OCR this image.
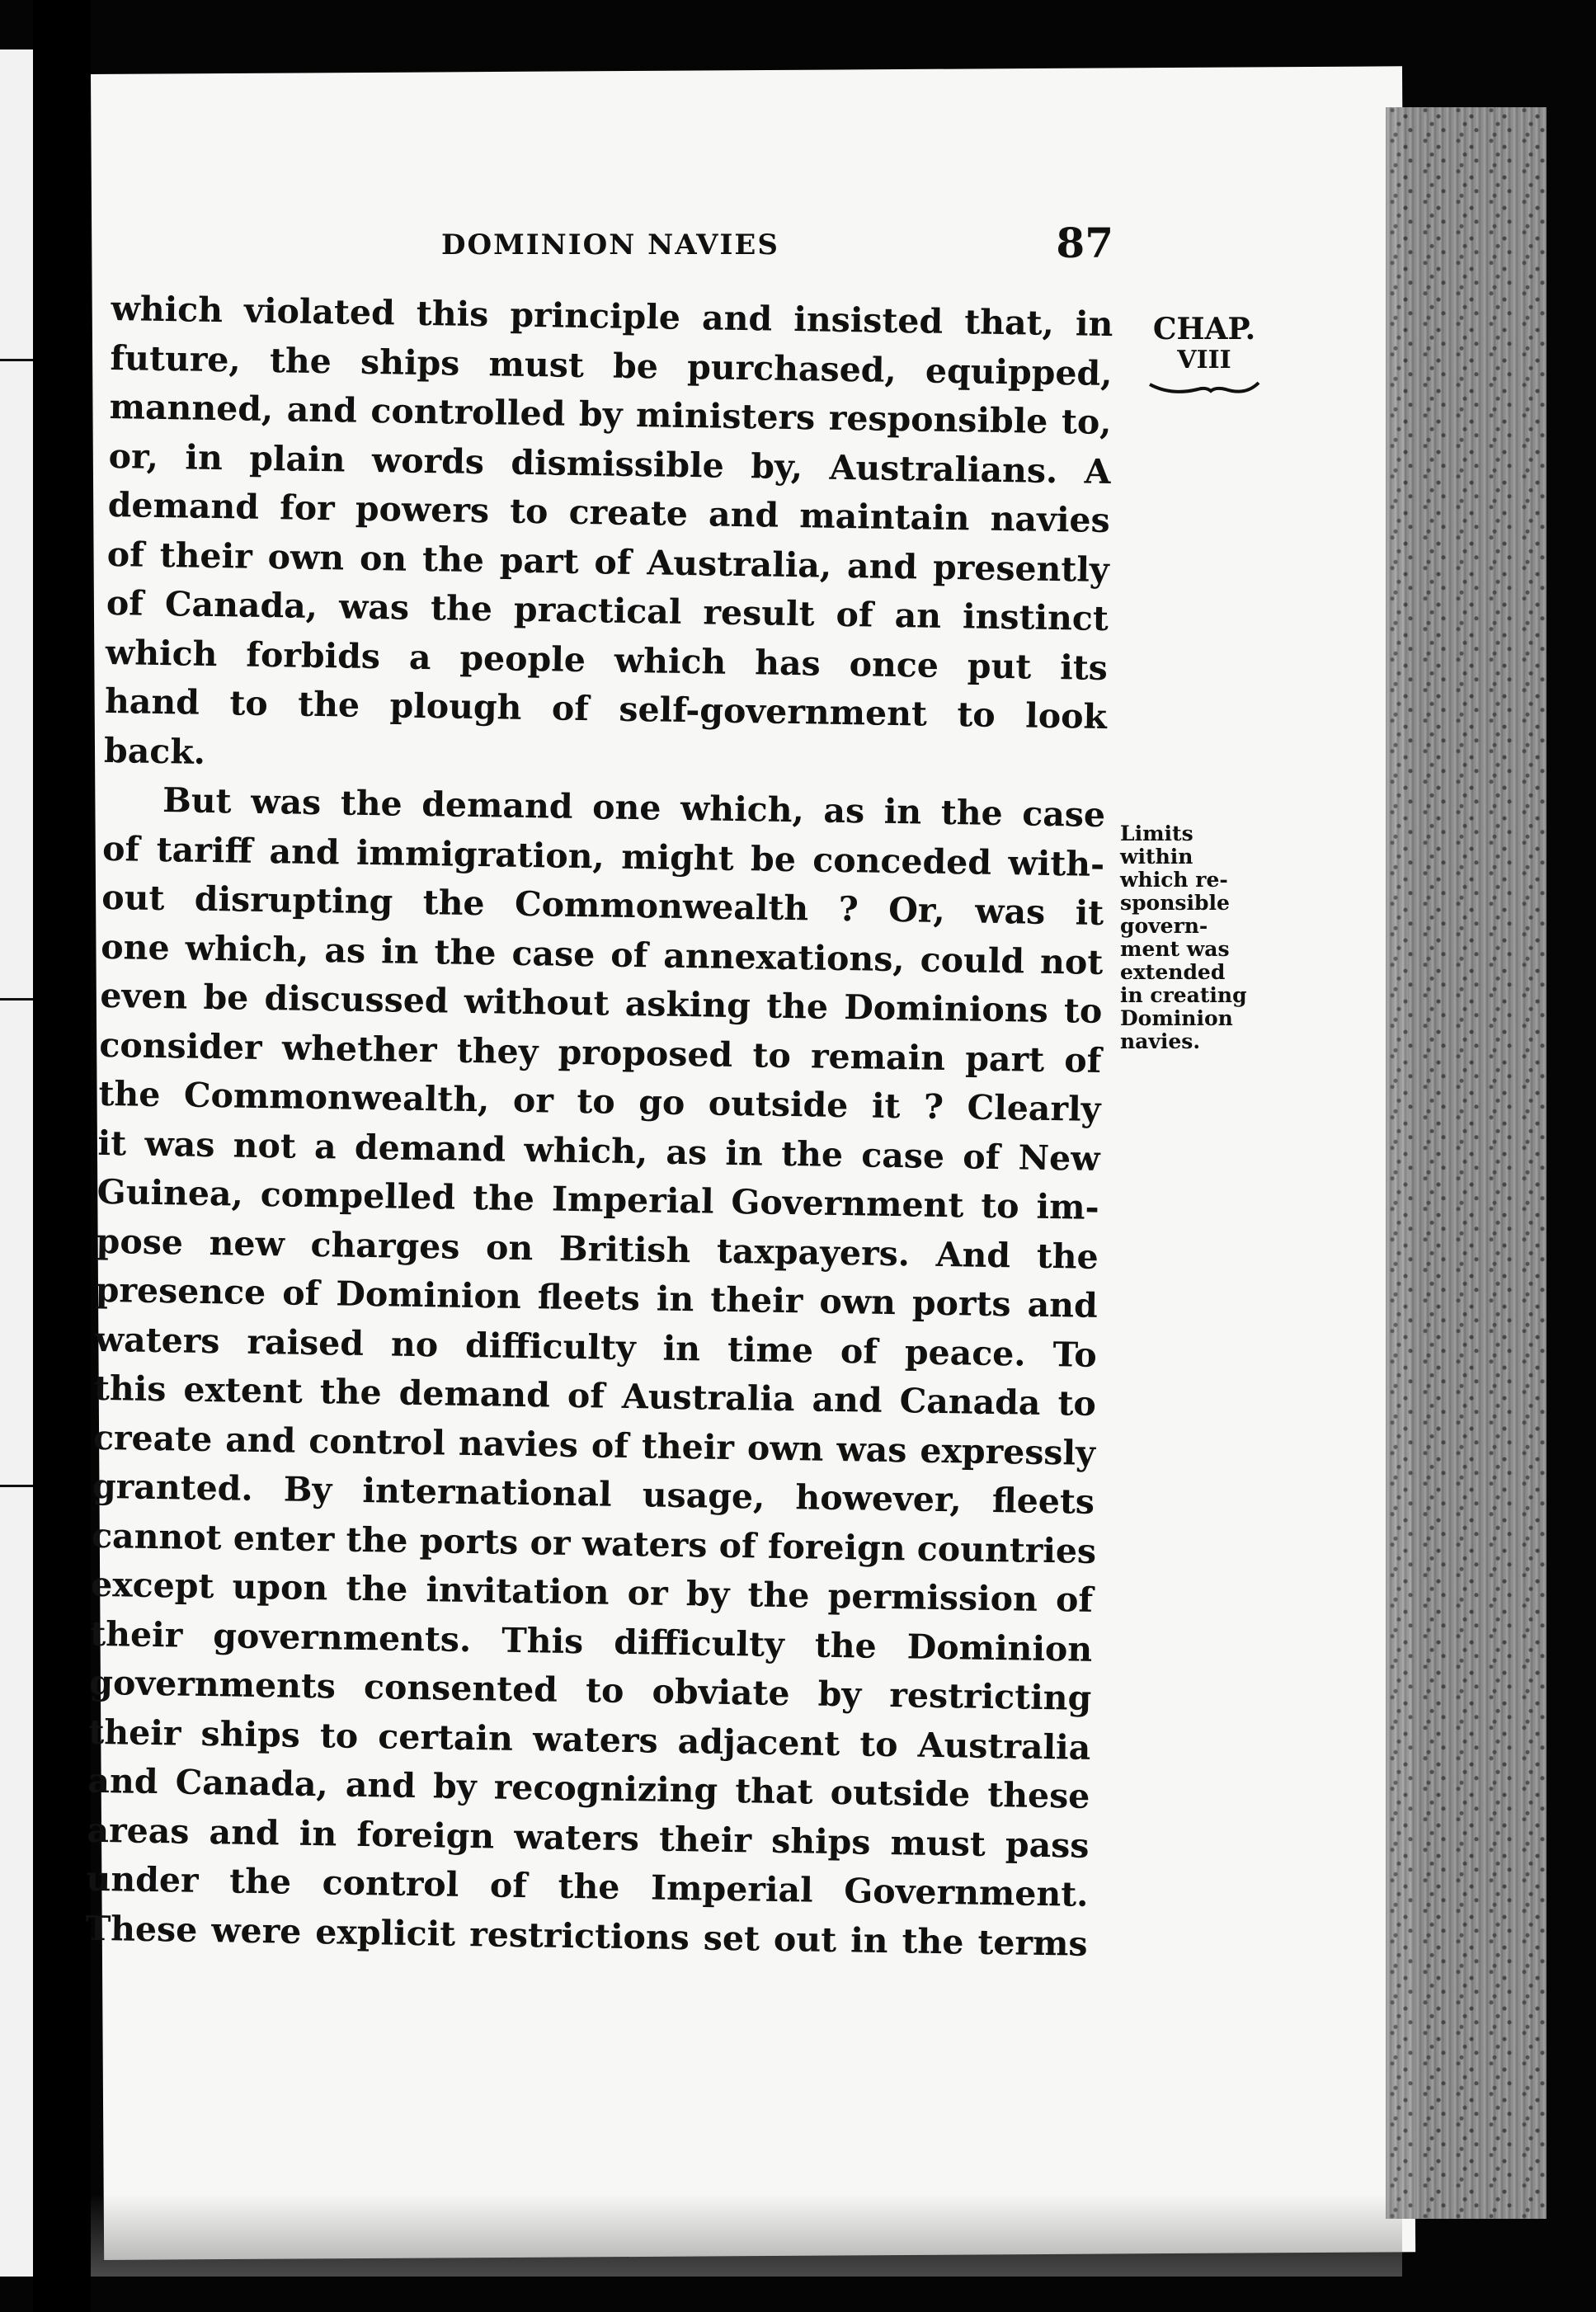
DOMINION NAVIES	87
CHAP.
VIII
Limits
within
which re-
sponsible
govern-
ment was
extended
in creating
Dominion
navies.
which violated this principle and insisted that, in
future, the ships must be purchased, equipped,
manned, and controlled by ministers responsible to,
or, in plain words dismissible by, Australians. A
demand for powers to create and maintain navies
of their own on the part of Australia, and presently
of Canada, was the practical result of an instinct
which forbids a people which has once put its
hand to the plough of self-government to look
back.
But was the demand one which, as in the case
of tariff and immigration, might be conceded with-
out disrupting the Commonwealth ? Or, was it
one which, as in the case of annexations, could not
even be discussed without asking the Dominions to
consider whether they proposed to remain part of
the Commonwealth, or to go outside it ? Clearly
it was not a demand which, as in the case of New
Guinea, compelled the Imperial Government to im-
pose new charges on British taxpayers. And the
presence of Dominion fleets in their own ports and
waters raised no difficulty in time of peace. To
this extent the demand of Australia and Canada to
create and control navies of their own was expressly
granted. By international usage, however, fleets
cannot enter the ports or waters of foreign countries
except upon the invitation or by the permission of
their governments. This difficulty the Dominion
governments consented to obviate by restricting
their ships to certain waters adjacent to Australia
and Canada, and by recognizing that outside these
areas and in foreign waters their ships must pass
under the control of the Imperial Government.
These were explicit restrictions set out in the terms
